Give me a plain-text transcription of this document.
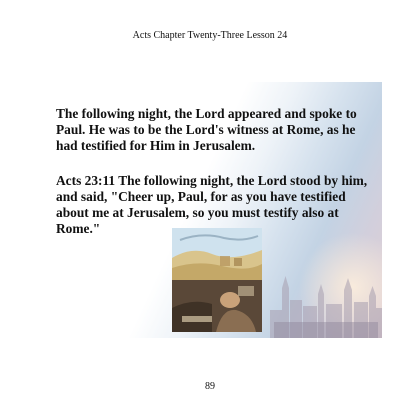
Acts Chapter Twenty-Three Lesson 24

The following night, the Lord appeared and spoke to Paul. He was to be the Lord's witness at Rome, as he had testified for Him in Jerusalem.

Acts 23:11 The following night, the Lord stood by him, and said, "Cheer up, Paul, for as you have testified about me at Jerusalem, so you must testify also at Rome."

89
